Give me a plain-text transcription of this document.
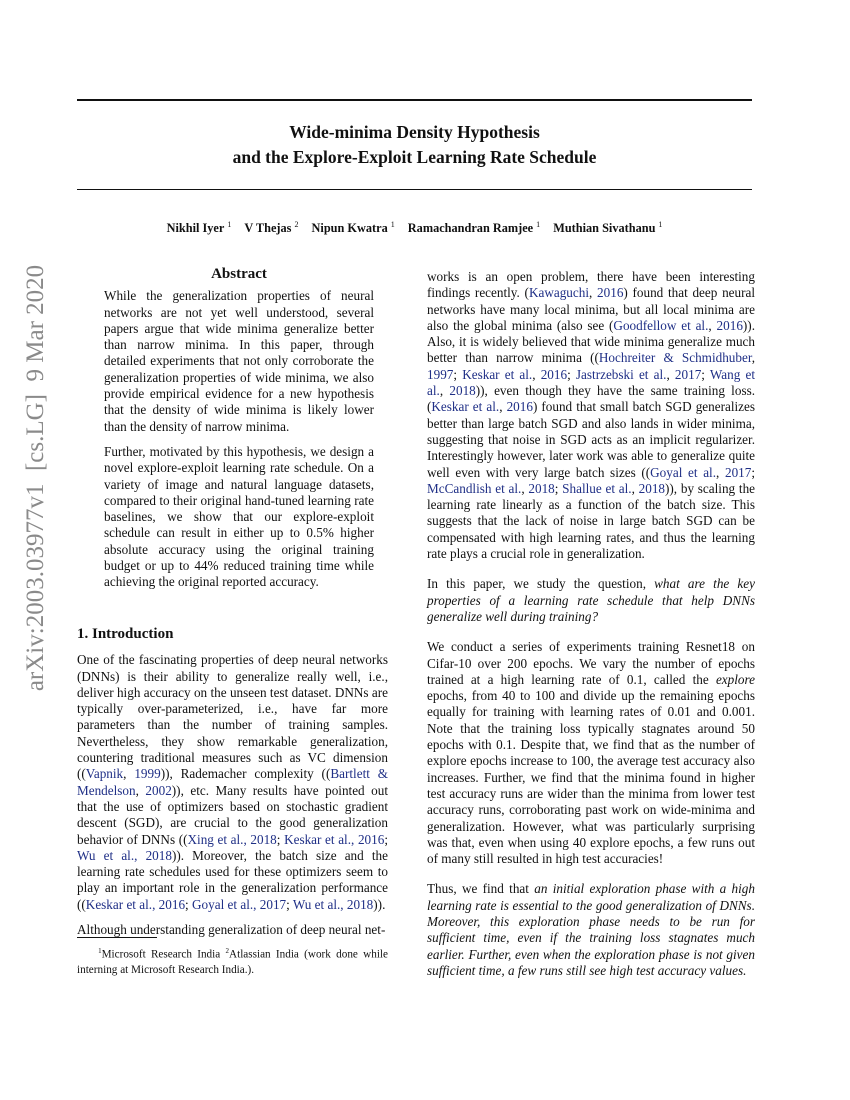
arXiv:2003.03977v1  [cs.LG]  9 Mar 2020
Wide-minima Density Hypothesis
and the Explore-Exploit Learning Rate Schedule
Nikhil Iyer $^1$ V Thejas $^2$ Nipun Kwatra $^1$ Ramachandran Ramjee $^1$ Muthian Sivathanu $^1$
Abstract

While the generalization properties of neural networks are not yet well understood, several papers argue that wide minima generalize better than narrow minima. In this paper, through detailed experiments that not only corroborate the generalization properties of wide minima, we also provide empirical evidence for a new hypothesis that the density of wide minima is likely lower than the density of narrow minima.

Further, motivated by this hypothesis, we design a novel explore-exploit learning rate schedule. On a variety of image and natural language datasets, compared to their original hand-tuned learning rate baselines, we show that our explore-exploit schedule can result in either up to 0.5% higher absolute accuracy using the original training budget or up to 44% reduced training time while achieving the original reported accuracy.

1. Introduction

One of the fascinating properties of deep neural networks (DNNs) is their ability to generalize really well, i.e., deliver high accuracy on the unseen test dataset. DNNs are typically over-parameterized, i.e., have far more parameters than the number of training samples. Nevertheless, they show remarkable generalization, countering traditional measures such as VC dimension ((Vapnik, 1999)), Rademacher complexity ((Bartlett & Mendelson, 2002)), etc. Many results have pointed out that the use of optimizers based on stochastic gradient descent (SGD), are crucial to the good generalization behavior of DNNs ((Xing et al., 2018; Keskar et al., 2016; Wu et al., 2018)). Moreover, the batch size and the learning rate schedules used for these optimizers seem to play an important role in the generalization performance ((Keskar et al., 2016; Goyal et al., 2017; Wu et al., 2018)).

Although understanding generalization of deep neural net-

$^1$Microsoft Research India $^2$Atlassian India (work done while interning at Microsoft Research India.).

works is an open problem, there have been interesting findings recently. (Kawaguchi, 2016) found that deep neural networks have many local minima, but all local minima are also the global minima (also see (Goodfellow et al., 2016)). Also, it is widely believed that wide minima generalize much better than narrow minima ((Hochreiter & Schmidhuber, 1997; Keskar et al., 2016; Jastrzebski et al., 2017; Wang et al., 2018)), even though they have the same training loss. (Keskar et al., 2016) found that small batch SGD generalizes better than large batch SGD and also lands in wider minima, suggesting that noise in SGD acts as an implicit regularizer. Interestingly however, later work was able to generalize quite well even with very large batch sizes ((Goyal et al., 2017; McCandlish et al., 2018; Shallue et al., 2018)), by scaling the learning rate linearly as a function of the batch size. This suggests that the lack of noise in large batch SGD can be compensated with high learning rates, and thus the learning rate plays a crucial role in generalization.

In this paper, we study the question, what are the key properties of a learning rate schedule that help DNNs generalize well during training?

We conduct a series of experiments training Resnet18 on Cifar-10 over 200 epochs. We vary the number of epochs trained at a high learning rate of 0.1, called the explore epochs, from 40 to 100 and divide up the remaining epochs equally for training with learning rates of 0.01 and 0.001. Note that the training loss typically stagnates around 50 epochs with 0.1. Despite that, we find that as the number of explore epochs increase to 100, the average test accuracy also increases. Further, we find that the minima found in higher test accuracy runs are wider than the minima from lower test accuracy runs, corroborating past work on wide-minima and generalization. However, what was particularly surprising was that, even when using 40 explore epochs, a few runs out of many still resulted in high test accuracies!

Thus, we find that an initial exploration phase with a high learning rate is essential to the good generalization of DNNs. Moreover, this exploration phase needs to be run for sufficient time, even if the training loss stagnates much earlier. Further, even when the exploration phase is not given sufficient time, a few runs still see high test accuracy values.
